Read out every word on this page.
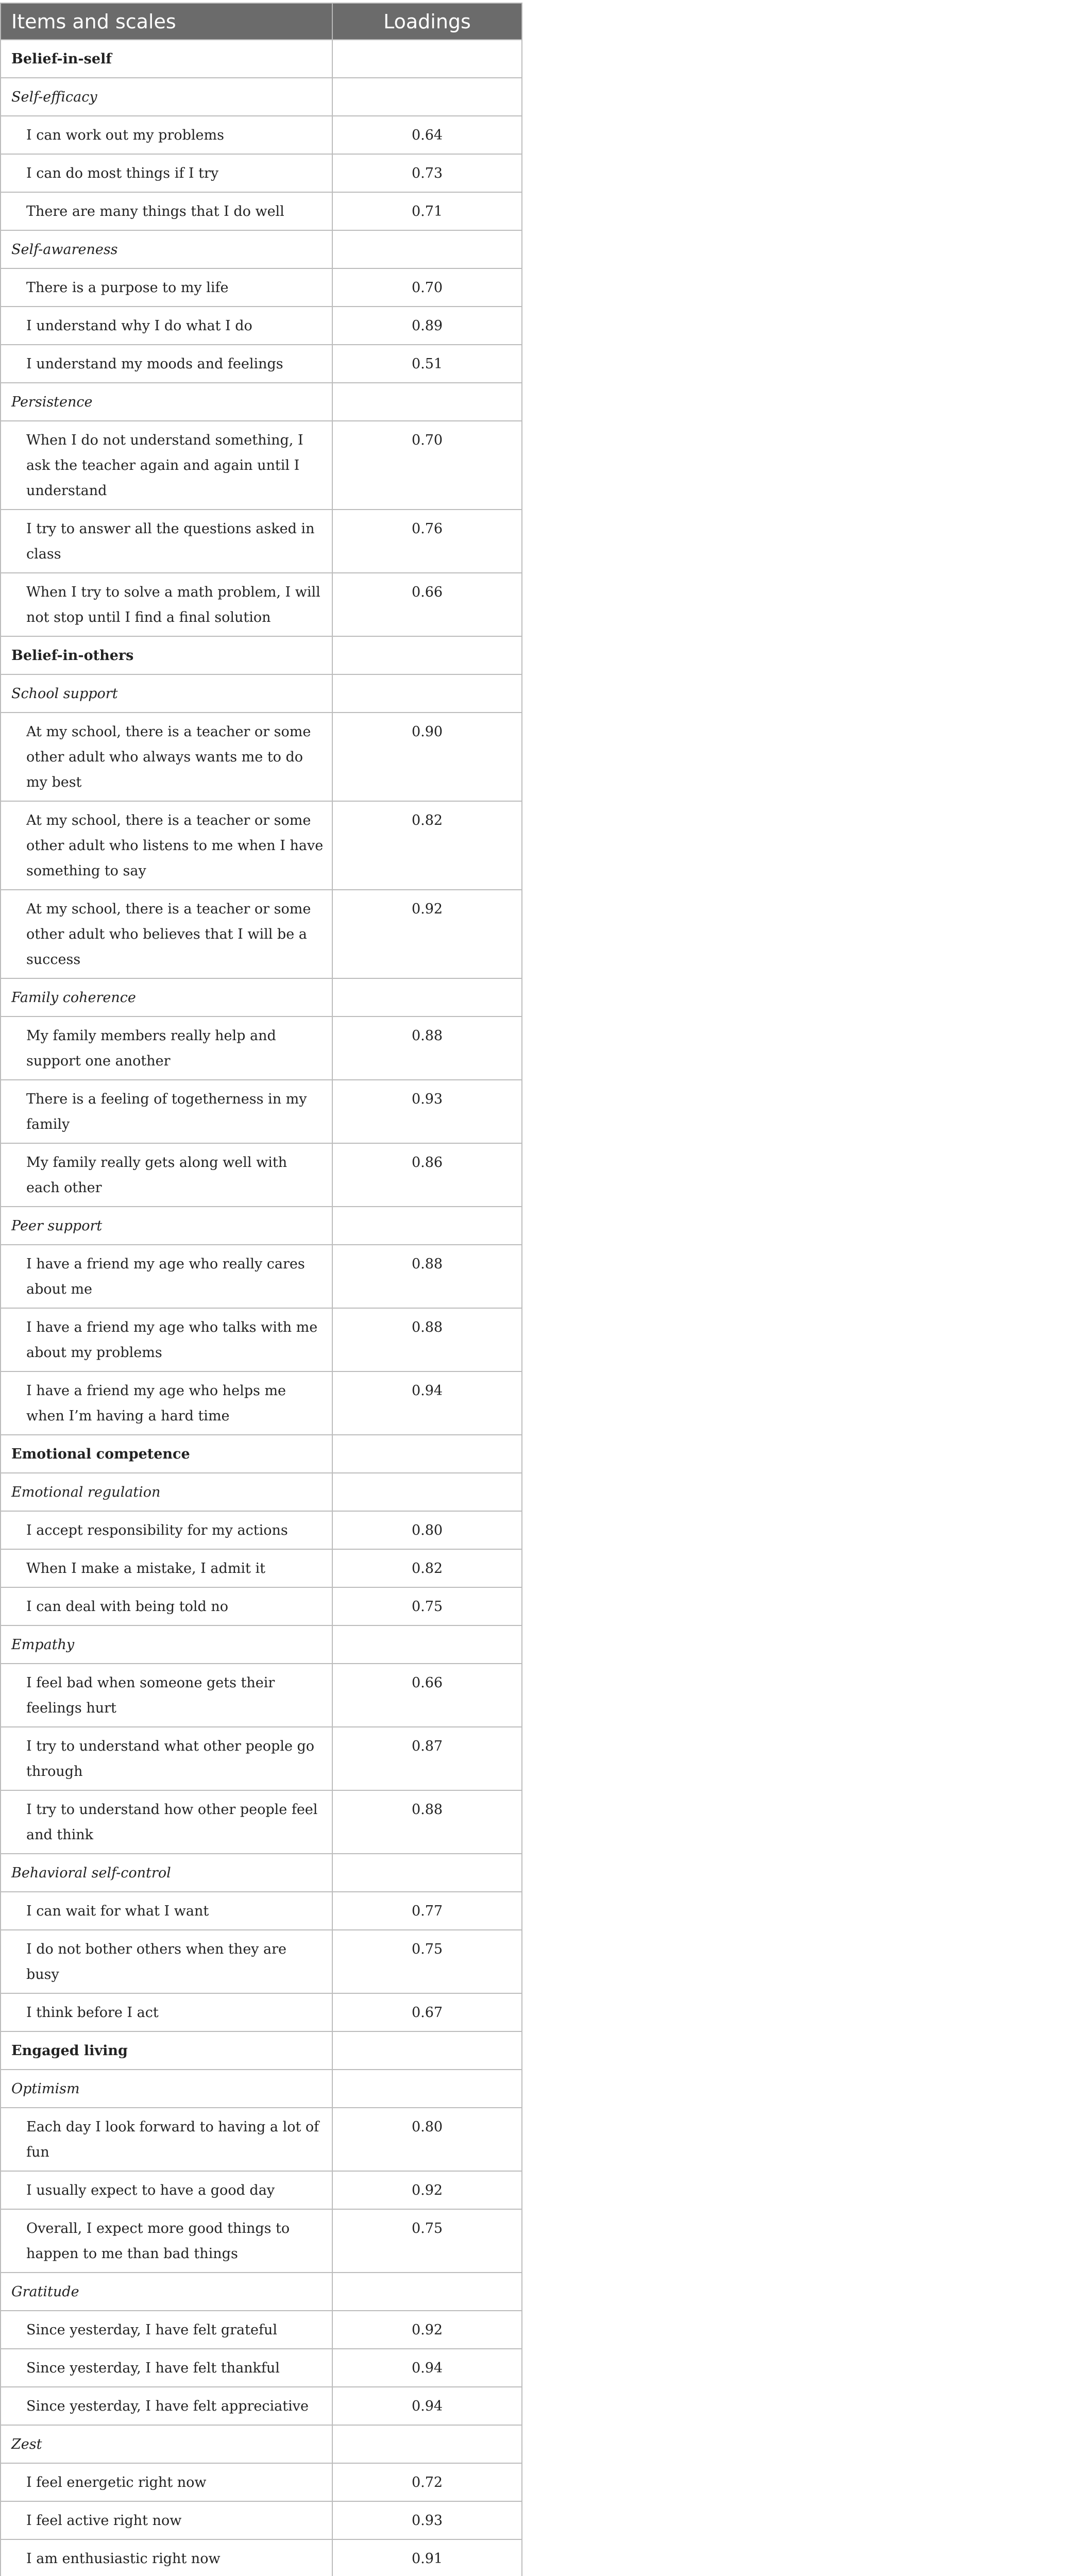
Items and scales	Loadings
Belief-in-self	
Self-efficacy	
I can work out my problems	0.64
I can do most things if I try	0.73
There are many things that I do well	0.71
Self-awareness	
There is a purpose to my life	0.70
I understand why I do what I do	0.89
I understand my moods and feelings	0.51
Persistence	
When I do not understand something, I ask the teacher again and again until I understand	0.70
I try to answer all the questions asked in class	0.76
When I try to solve a math problem, I will not stop until I find a final solution	0.66
Belief-in-others	
School support	
At my school, there is a teacher or some other adult who always wants me to do my best	0.90
At my school, there is a teacher or some other adult who listens to me when I have something to say	0.82
At my school, there is a teacher or some other adult who believes that I will be a success	0.92
Family coherence	
My family members really help and support one another	0.88
There is a feeling of togetherness in my family	0.93
My family really gets along well with each other	0.86
Peer support	
I have a friend my age who really cares about me	0.88
I have a friend my age who talks with me about my problems	0.88
I have a friend my age who helps me when I’m having a hard time	0.94
Emotional competence	
Emotional regulation	
I accept responsibility for my actions	0.80
When I make a mistake, I admit it	0.82
I can deal with being told no	0.75
Empathy	
I feel bad when someone gets their feelings hurt	0.66
I try to understand what other people go through	0.87
I try to understand how other people feel and think	0.88
Behavioral self-control	
I can wait for what I want	0.77
I do not bother others when they are busy	0.75
I think before I act	0.67
Engaged living	
Optimism	
Each day I look forward to having a lot of fun	0.80
I usually expect to have a good day	0.92
Overall, I expect more good things to happen to me than bad things	0.75
Gratitude	
Since yesterday, I have felt grateful	0.92
Since yesterday, I have felt thankful	0.94
Since yesterday, I have felt appreciative	0.94
Zest	
I feel energetic right now	0.72
I feel active right now	0.93
I am enthusiastic right now	0.91
